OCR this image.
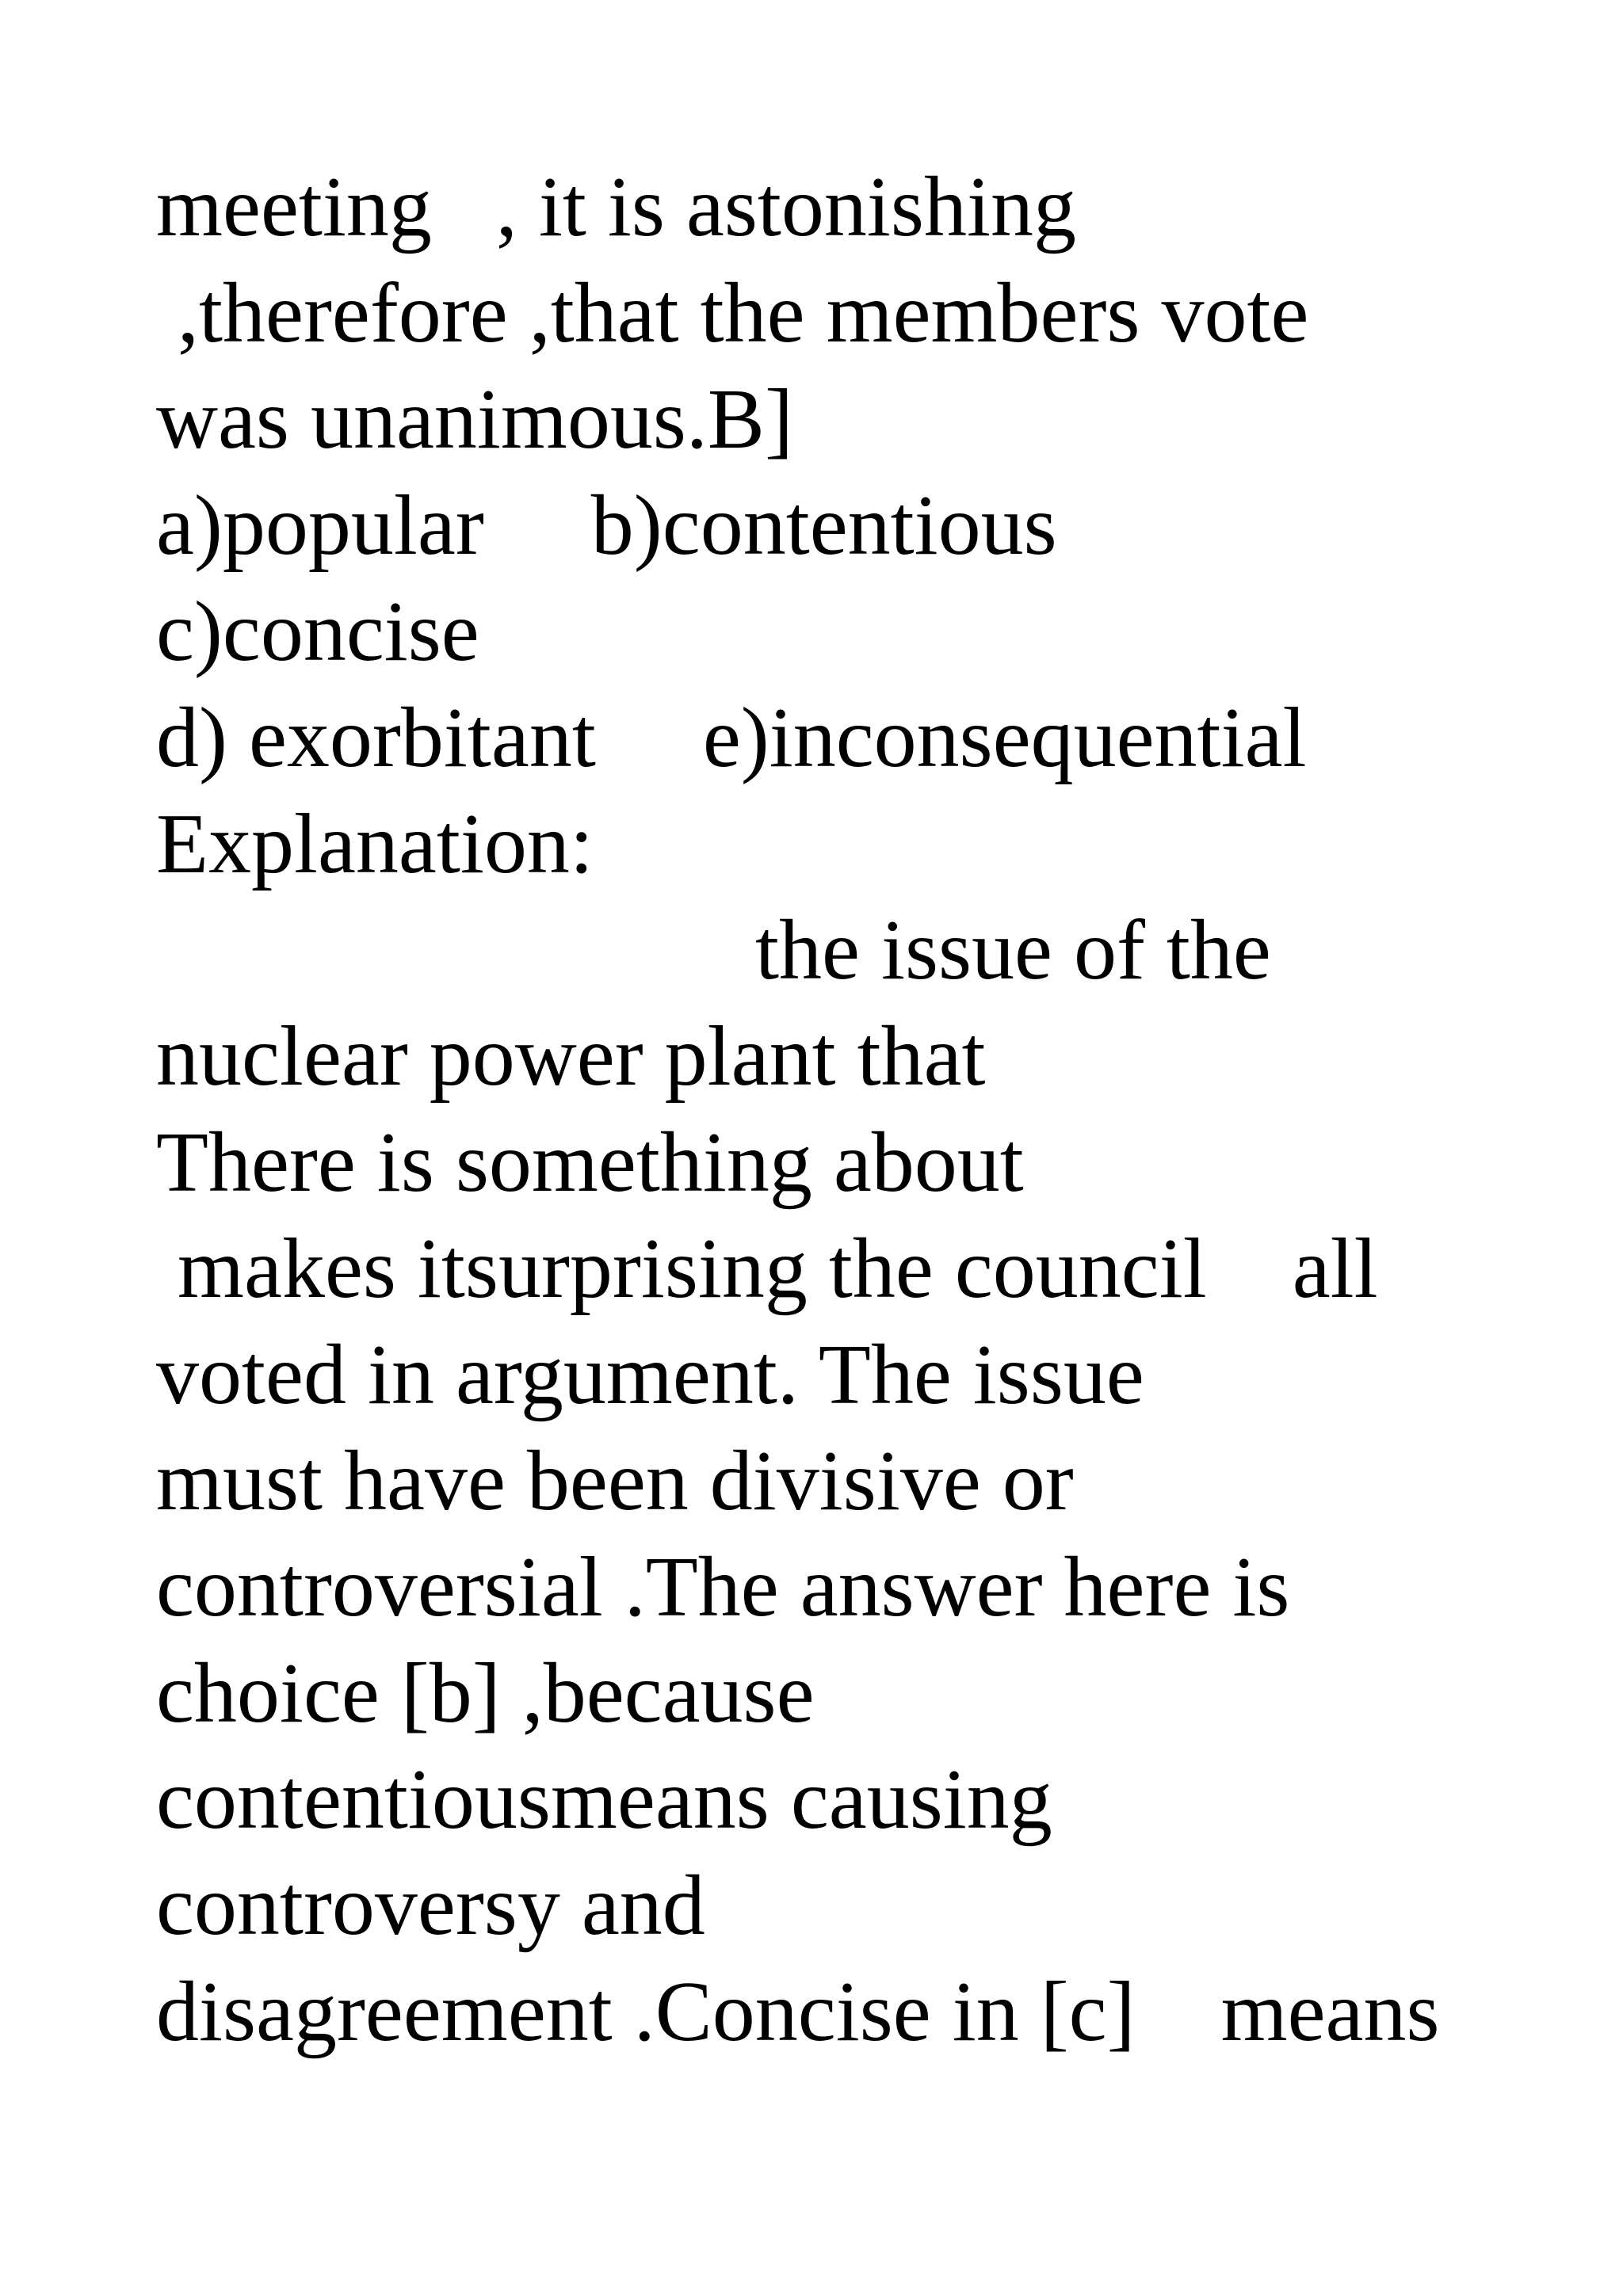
meeting   , it is astonishing
,therefore ,that the members vote
was unanimous.B]
a)popular     b)contentious
c)concise
d) exorbitant     e)inconsequential
Explanation:
the issue of the
nuclear power plant that
There is something about
makes itsurprising the council    all
voted in argument. The issue
must have been divisive or
controversial .The answer here is
choice [b] ,because
contentiousmeans causing
controversy and
disagreement .Concise in [c]    means
